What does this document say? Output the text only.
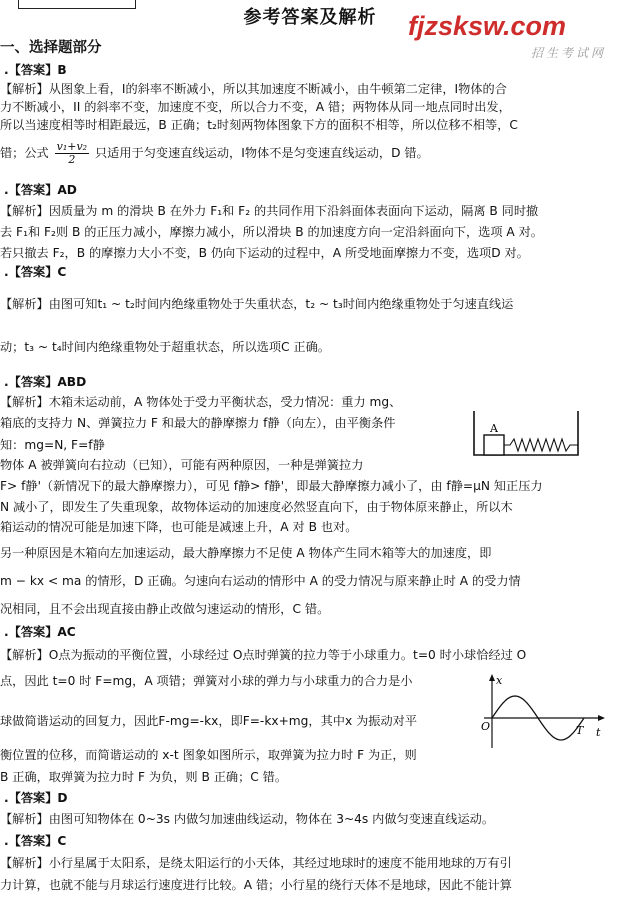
参考答案及解析	fjzsksw.com
招生考试网
一、选择题部分
.【答案】B
【解析】从图象上看，I的斜率不断减小，所以其加速度不断减小，由牛顿第二定律，I物体的合
力不断减小，II 的斜率不变，加速度不变，所以合力不变，A 错；两物体从同一地点同时出发，
所以当速度相等时相距最远，B 正确；t₂时刻两物体图象下方的面积不相等，所以位移不相等，C
错；公式 $\frac{\text{v₁+v₂}}{2}$ 只适用于匀变速直线运动，I物体不是匀变速直线运动，D 错。
.【答案】AD
【解析】因质量为 m 的滑块 B 在外力 F₁和 F₂ 的共同作用下沿斜面体表面向下运动，隔离 B 同时撤
去 F₁和 F₂则 B 的正压力减小，摩擦力减小，所以滑块 B 的加速度方向一定沿斜面向下，选项 A 对。
若只撤去 F₂，B 的摩擦力大小不变，B 仍向下运动的过程中，A 所受地面摩擦力不变，选项D 对。
.【答案】C
【解析】由图可知t₁ ~ t₂时间内绝缘重物处于失重状态，t₂ ~ t₃时间内绝缘重物处于匀速直线运
动；t₃ ~ t₄时间内绝缘重物处于超重状态，所以选项C 正确。
.【答案】ABD
【解析】木箱未运动前，A 物体处于受力平衡状态，受力情况：重力 mg、
箱底的支持力 N、弹簧拉力 F 和最大的静摩擦力 f静（向左），由平衡条件
知：mg=N, F=f静
物体 A 被弹簧向右拉动（已知），可能有两种原因，一种是弹簧拉力
F> f静'（新情况下的最大静摩擦力），可见 f静> f静'，即最大静摩擦力减小了，由 f静=μN 知正压力
N 减小了，即发生了失重现象，故物体运动的加速度必然竖直向下，由于物体原来静止，所以木
箱运动的情况可能是加速下降，也可能是减速上升，A 对 B 也对。
另一种原因是木箱向左加速运动，最大静摩擦力不足使 A 物体产生同木箱等大的加速度，即
m − kx < ma 的情形，D 正确。匀速向右运动的情形中 A 的受力情况与原来静止时 A 的受力情
况相同，且不会出现直接由静止改做匀速运动的情形，C 错。
A
.【答案】AC
【解析】O点为振动的平衡位置，小球经过 O点时弹簧的拉力等于小球重力。t=0 时小球恰经过 O
点，因此 t=0 时 F=mg，A 项错；弹簧对小球的弹力与小球重力的合力是小
球做简谐运动的回复力，因此F-mg=-kx，即F=-kx+mg，其中x 为振动对平
衡位置的位移，而简谐运动的 x-t 图象如图所示，取弹簧为拉力时 F 为正，则
B 正确，取弹簧为拉力时 F 为负，则 B 正确；C 错。
x
O	T t
.【答案】D
【解析】由图可知物体在 0~3s 内做匀加速曲线运动，物体在 3~4s 内做匀变速直线运动。
.【答案】C
【解析】小行星属于太阳系，是绕太阳运行的小天体，其经过地球时的速度不能用地球的万有引
力计算，也就不能与月球运行速度进行比较。A 错；小行星的绕行天体不是地球，因此不能计算
